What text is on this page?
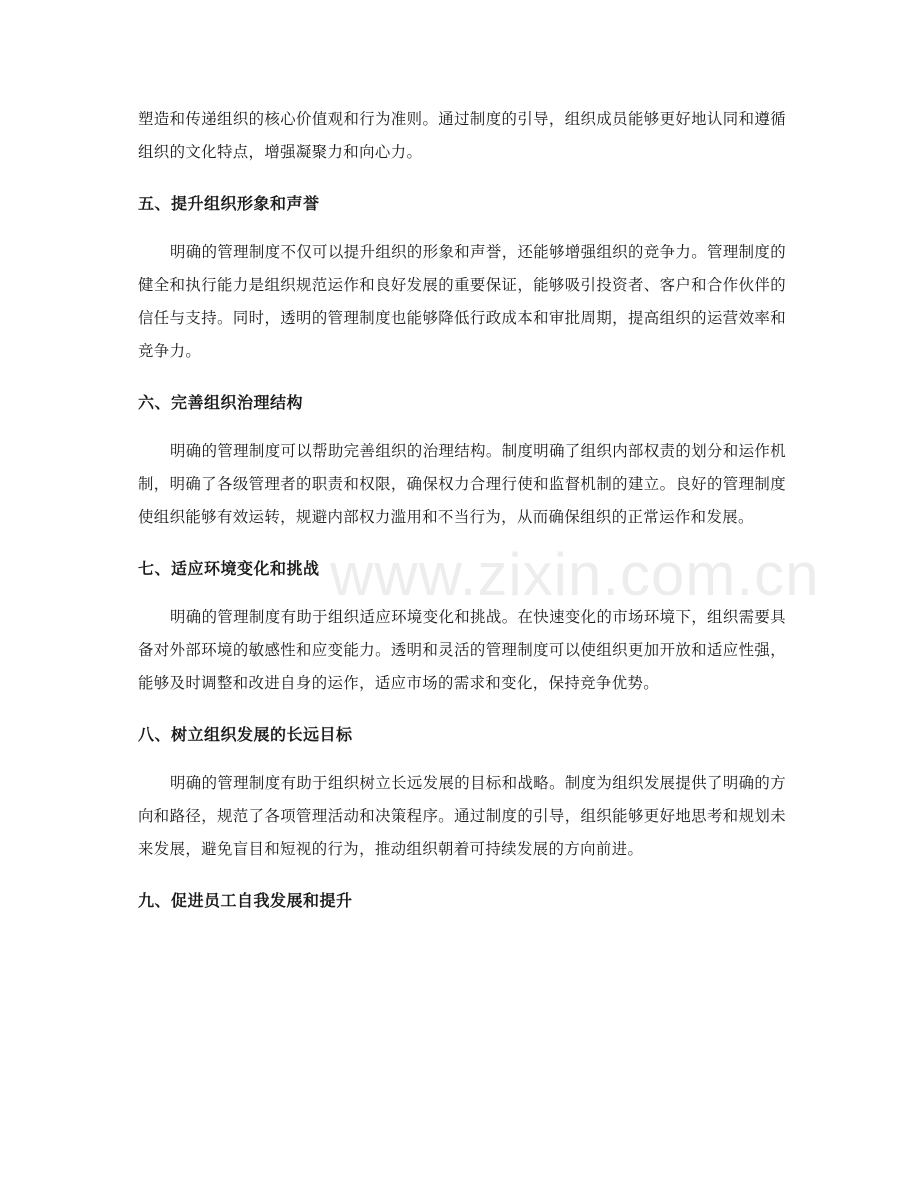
塑造和传递组织的核心价值观和行为准则。通过制度的引导，组织成员能够更好地认同和遵循组织的文化特点，增强凝聚力和向心力。

五、提升组织形象和声誉

明确的管理制度不仅可以提升组织的形象和声誉，还能够增强组织的竞争力。管理制度的健全和执行能力是组织规范运作和良好发展的重要保证，能够吸引投资者、客户和合作伙伴的信任与支持。同时，透明的管理制度也能够降低行政成本和审批周期，提高组织的运营效率和竞争力。

六、完善组织治理结构

明确的管理制度可以帮助完善组织的治理结构。制度明确了组织内部权责的划分和运作机制，明确了各级管理者的职责和权限，确保权力合理行使和监督机制的建立。良好的管理制度使组织能够有效运转，规避内部权力滥用和不当行为，从而确保组织的正常运作和发展。

七、适应环境变化和挑战

明确的管理制度有助于组织适应环境变化和挑战。在快速变化的市场环境下，组织需要具备对外部环境的敏感性和应变能力。透明和灵活的管理制度可以使组织更加开放和适应性强，能够及时调整和改进自身的运作，适应市场的需求和变化，保持竞争优势。

八、树立组织发展的长远目标

明确的管理制度有助于组织树立长远发展的目标和战略。制度为组织发展提供了明确的方向和路径，规范了各项管理活动和决策程序。通过制度的引导，组织能够更好地思考和规划未来发展，避免盲目和短视的行为，推动组织朝着可持续发展的方向前进。

九、促进员工自我发展和提升
www.zixin.com.cn
